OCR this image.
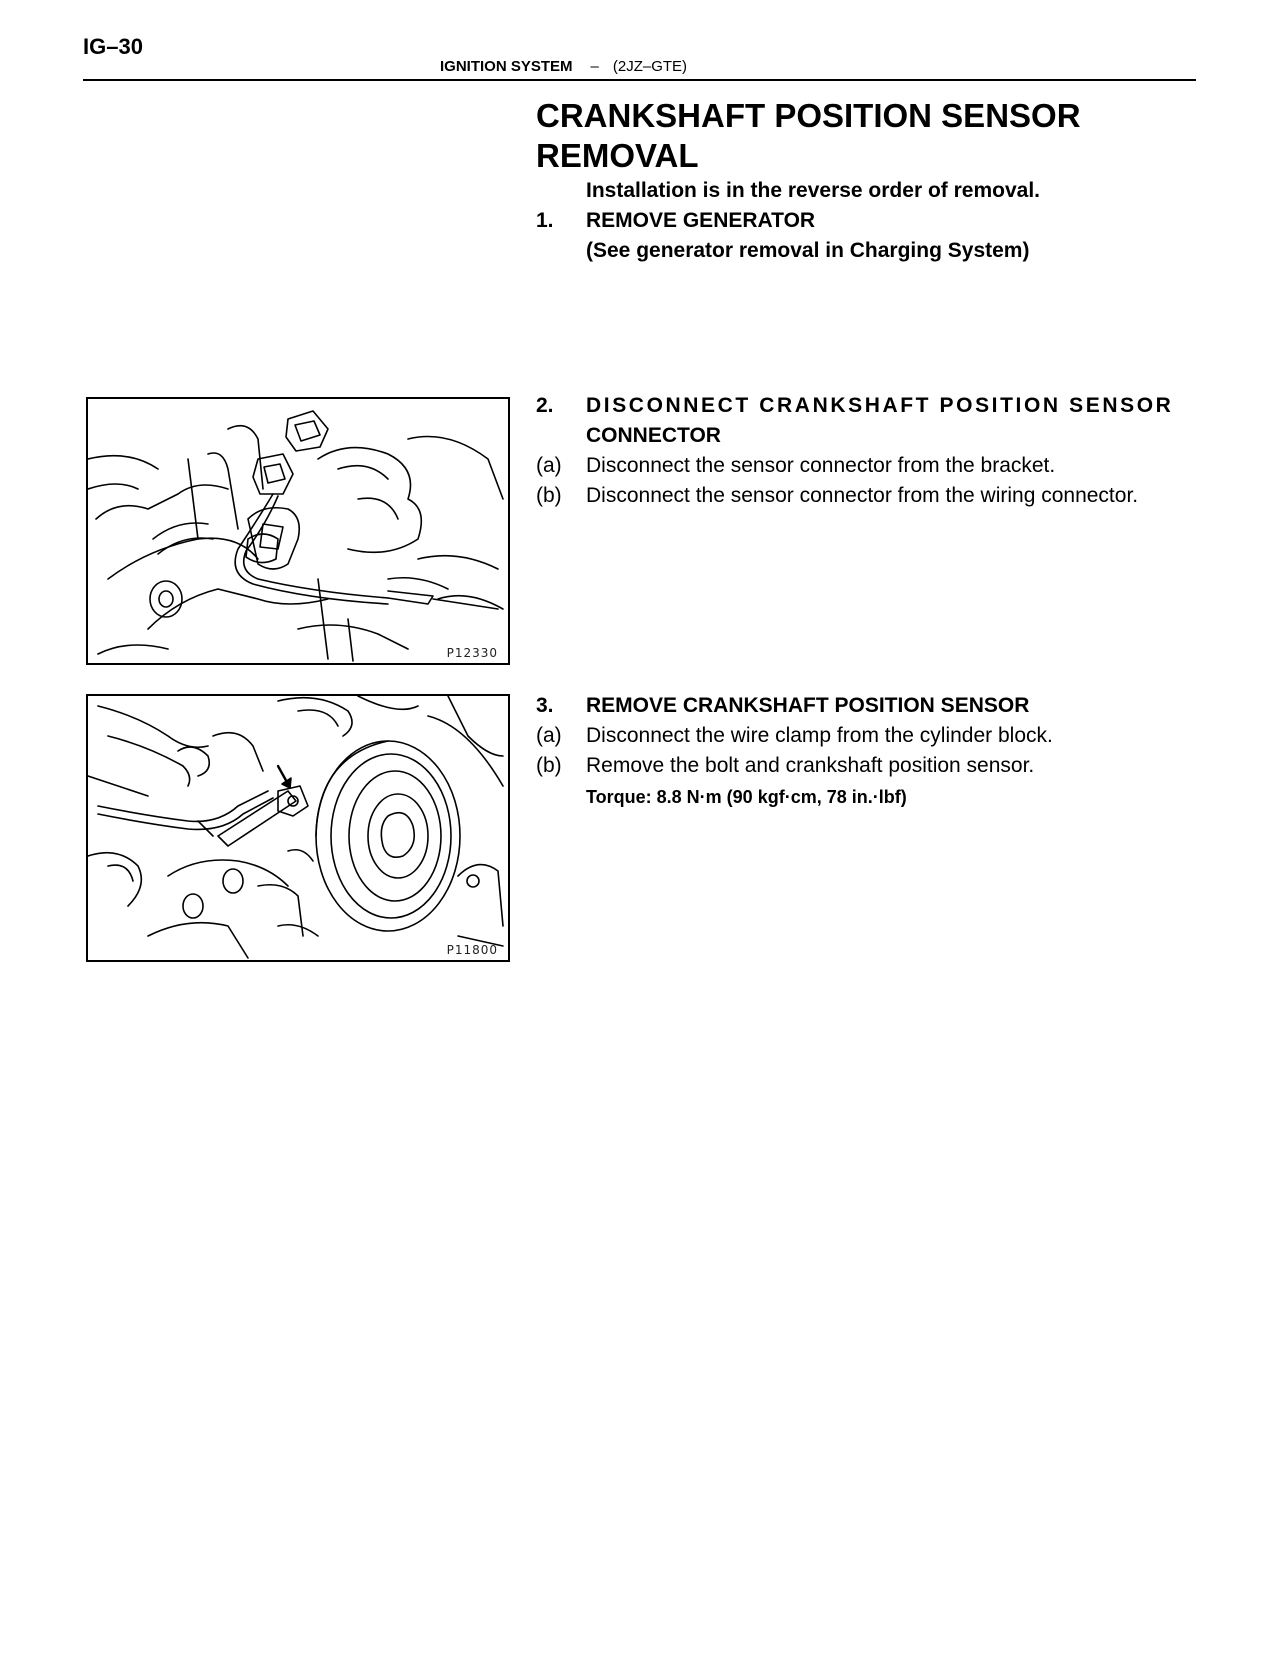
IG–30
IGNITION SYSTEM – (2JZ–GTE)
CRANKSHAFT POSITION SENSOR
REMOVAL
Installation is in the reverse order of removal.
1. REMOVE GENERATOR
(See generator removal in Charging System)
2. DISCONNECT CRANKSHAFT POSITION SENSOR
CONNECTOR
(a) Disconnect the sensor connector from the bracket.
(b) Disconnect the sensor connector from the wiring connector.
3. REMOVE CRANKSHAFT POSITION SENSOR
(a) Disconnect the wire clamp from the cylinder block.
(b) Remove the bolt and crankshaft position sensor.
Torque: 8.8 N·m (90 kgf·cm, 78 in.·lbf)
P12330
P11800
